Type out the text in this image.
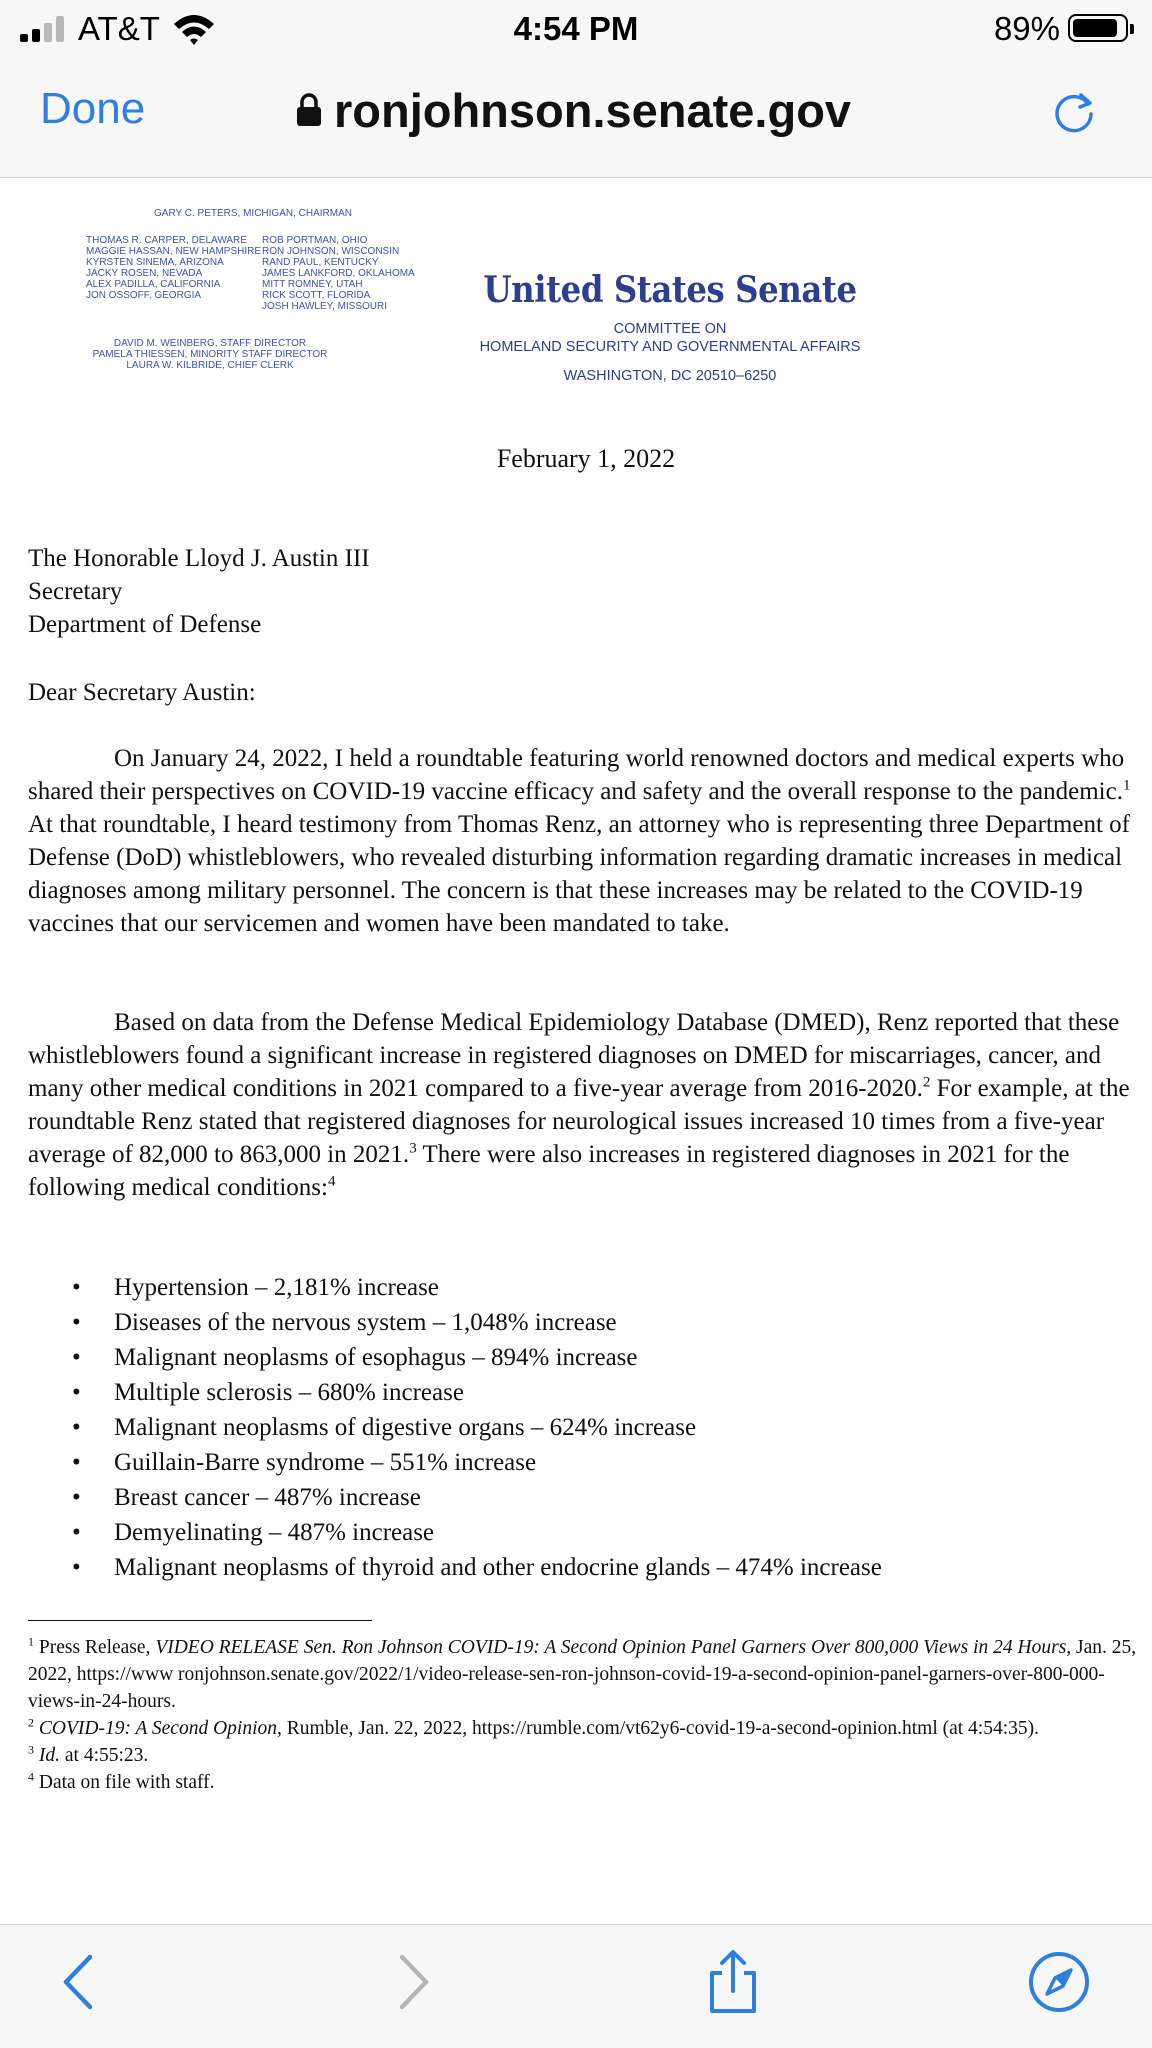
AT&T	4:54 PM	89%
Done	ronjohnson.senate.gov
GARY C. PETERS, MICHIGAN, CHAIRMAN
THOMAS R. CARPER, DELAWARE
MAGGIE HASSAN, NEW HAMPSHIRE
KYRSTEN SINEMA, ARIZONA
JACKY ROSEN, NEVADA
ALEX PADILLA, CALIFORNIA
JON OSSOFF, GEORGIA
ROB PORTMAN, OHIO
RON JOHNSON, WISCONSIN
RAND PAUL, KENTUCKY
JAMES LANKFORD, OKLAHOMA
MITT ROMNEY, UTAH
RICK SCOTT, FLORIDA
JOSH HAWLEY, MISSOURI
DAVID M. WEINBERG, STAFF DIRECTOR
PAMELA THIESSEN, MINORITY STAFF DIRECTOR
LAURA W. KILBRIDE, CHIEF CLERK
United States Senate
COMMITTEE ON
HOMELAND SECURITY AND GOVERNMENTAL AFFAIRS
WASHINGTON, DC 20510–6250
February 1, 2022
The Honorable Lloyd J. Austin III
Secretary
Department of Defense
Dear Secretary Austin:

On January 24, 2022, I held a roundtable featuring world renowned doctors and medical experts who shared their perspectives on COVID-19 vaccine efficacy and safety and the overall response to the pandemic.$^1$ At that roundtable, I heard testimony from Thomas Renz, an attorney who is representing three Department of Defense (DoD) whistleblowers, who revealed disturbing information regarding dramatic increases in medical diagnoses among military personnel. The concern is that these increases may be related to the COVID-19 vaccines that our servicemen and women have been mandated to take.

Based on data from the Defense Medical Epidemiology Database (DMED), Renz reported that these whistleblowers found a significant increase in registered diagnoses on DMED for miscarriages, cancer, and many other medical conditions in 2021 compared to a five-year average from 2016-2020.$^2$ For example, at the roundtable Renz stated that registered diagnoses for neurological issues increased 10 times from a five-year average of 82,000 to 863,000 in 2021.$^3$ There were also increases in registered diagnoses in 2021 for the following medical conditions:$^4$

• Hypertension – 2,181% increase
• Diseases of the nervous system – 1,048% increase
• Malignant neoplasms of esophagus – 894% increase
• Multiple sclerosis – 680% increase
• Malignant neoplasms of digestive organs – 624% increase
• Guillain-Barre syndrome – 551% increase
• Breast cancer – 487% increase
• Demyelinating – 487% increase
• Malignant neoplasms of thyroid and other endocrine glands – 474% increase
$^1$ Press Release, VIDEO RELEASE Sen. Ron Johnson COVID-19: A Second Opinion Panel Garners Over 800,000 Views in 24 Hours, Jan. 25, 2022, https://www ronjohnson.senate.gov/2022/1/video-release-sen-ron-johnson-covid-19-a-second-opinion-panel-garners-over-800-000-views-in-24-hours.
$^2$ COVID-19: A Second Opinion, Rumble, Jan. 22, 2022, https://rumble.com/vt62y6-covid-19-a-second-opinion.html (at 4:54:35).
$^3$ Id. at 4:55:23.
$^4$ Data on file with staff.
